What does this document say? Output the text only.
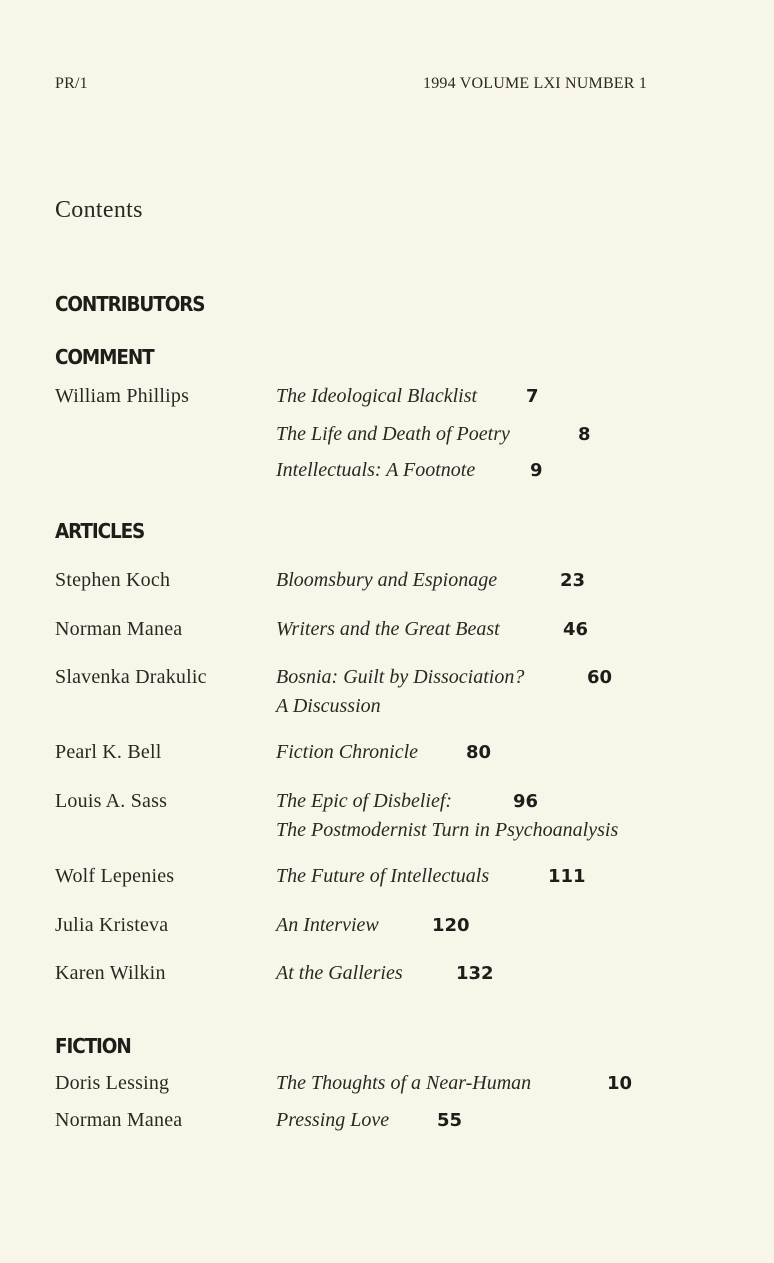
PR/1	1994 VOLUME LXI NUMBER 1
Contents
CONTRIBUTORS
COMMENT
William Phillips	The Ideological Blacklist	7
The Life and Death of Poetry	8
Intellectuals: A Footnote	9
ARTICLES
Stephen Koch	Bloomsbury and Espionage	23
Norman Manea	Writers and the Great Beast	46
Slavenka Drakulic	Bosnia: Guilt by Dissociation?	60
A Discussion
Pearl K. Bell	Fiction Chronicle	80
Louis A. Sass	The Epic of Disbelief:	96
The Postmodernist Turn in Psychoanalysis
Wolf Lepenies	The Future of Intellectuals	111
Julia Kristeva	An Interview	120
Karen Wilkin	At the Galleries	132
FICTION
Doris Lessing	The Thoughts of a Near-Human	10
Norman Manea	Pressing Love	55
